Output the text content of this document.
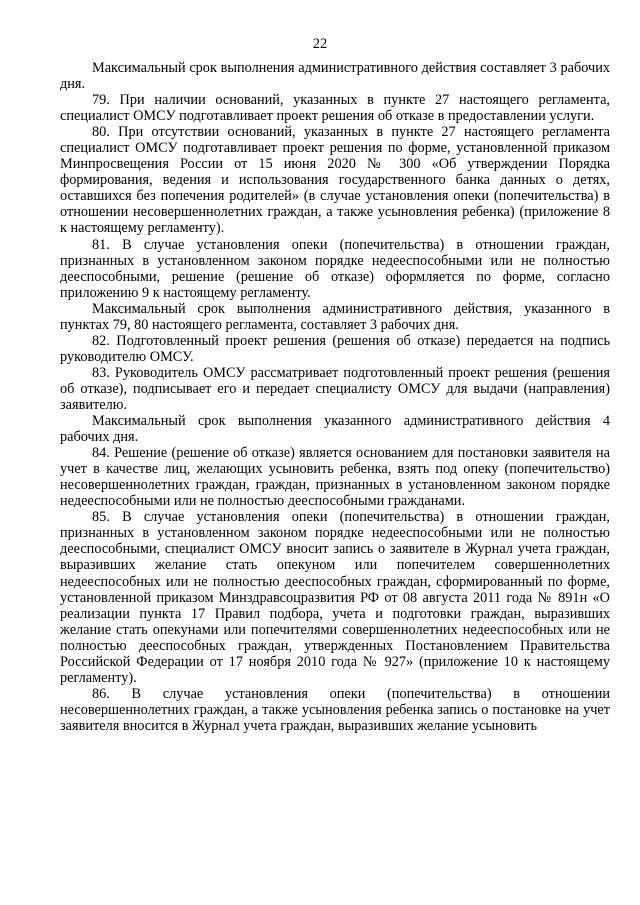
22

Максимальный срок выполнения административного действия составляет 3 рабочих дня.

79. При наличии оснований, указанных в пункте 27 настоящего регламента, специалист ОМСУ подготавливает проект решения об отказе в предоставлении услуги.

80. При отсутствии оснований, указанных в пункте 27 настоящего регламента специалист ОМСУ подготавливает проект решения по форме, установленной приказом Минпросвещения России от 15 июня 2020 № 300 «Об утверждении Порядка формирования, ведения и использования государственного банка данных о детях, оставшихся без попечения родителей» (в случае установления опеки (попечительства) в отношении несовершеннолетних граждан, а также усыновления ребенка) (приложение 8 к настоящему регламенту).

81. В случае установления опеки (попечительства) в отношении граждан, признанных в установленном законом порядке недееспособными или не полностью дееспособными, решение (решение об отказе) оформляется по форме, согласно приложению 9 к настоящему регламенту.

Максимальный срок выполнения административного действия, указанного в пунктах 79, 80 настоящего регламента, составляет 3 рабочих дня.

82. Подготовленный проект решения (решения об отказе) передается на подпись руководителю ОМСУ.

83. Руководитель ОМСУ рассматривает подготовленный проект решения (решения об отказе), подписывает его и передает специалисту ОМСУ для выдачи (направления) заявителю.

Максимальный срок выполнения указанного административного действия 4 рабочих дня.

84. Решение (решение об отказе) является основанием для постановки заявителя на учет в качестве лиц, желающих усыновить ребенка, взять под опеку (попечительство) несовершеннолетних граждан, граждан, признанных в установленном законом порядке недееспособными или не полностью дееспособными гражданами.

85. В случае установления опеки (попечительства) в отношении граждан, признанных в установленном законом порядке недееспособными или не полностью дееспособными, специалист ОМСУ вносит запись о заявителе в Журнал учета граждан, выразивших желание стать опекуном или попечителем совершеннолетних недееспособных или не полностью дееспособных граждан, сформированный по форме, установленной приказом Минздравсоцразвития РФ от 08 августа 2011 года № 891н «О реализации пункта 17 Правил подбора, учета и подготовки граждан, выразивших желание стать опекунами или попечителями совершеннолетних недееспособных или не полностью дееспособных граждан, утвержденных Постановлением Правительства Российской Федерации от 17 ноября 2010 года № 927» (приложение 10 к настоящему регламенту).

86. В случае установления опеки (попечительства) в отношении несовершеннолетних граждан, а также усыновления ребенка запись о постановке на учет заявителя вносится в Журнал учета граждан, выразивших желание усыновить
